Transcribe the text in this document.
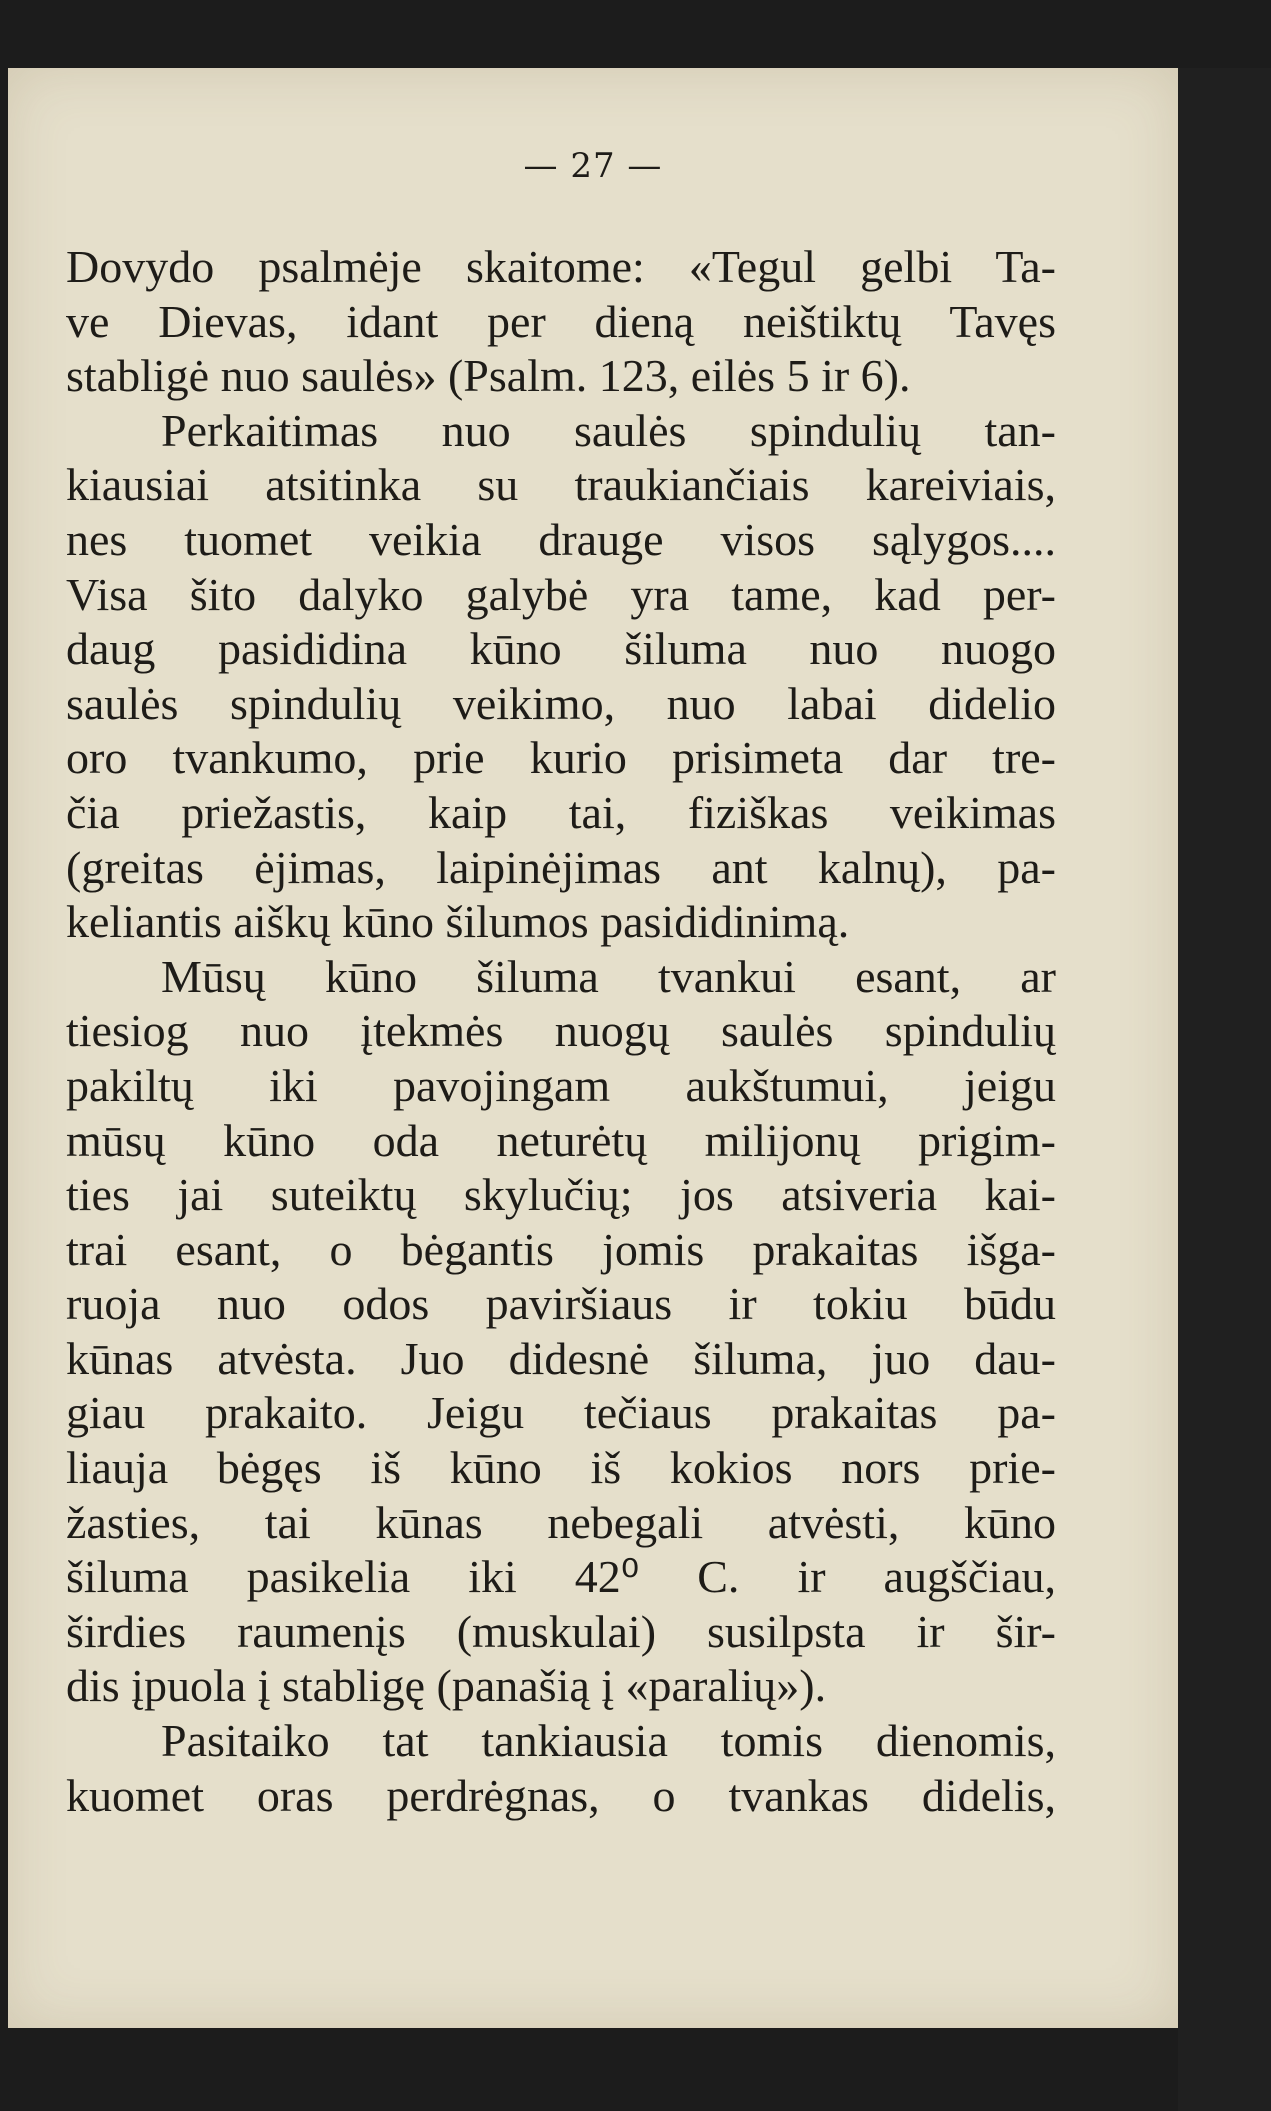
— 27 —
Dovydo psalmėje skaitome: «Tegul gelbi Ta-
ve Dievas, idant per dieną neištiktų Tavęs
stabligė nuo saulės» (Psalm. 123, eilės 5 ir 6).
Perkaitimas nuo saulės spindulių tan-
kiausiai atsitinka su traukiančiais kareiviais,
nes tuomet veikia drauge visos sąlygos....
Visa šito dalyko galybė yra tame, kad per-
daug pasididina kūno šiluma nuo nuogo
saulės spindulių veikimo, nuo labai didelio
oro tvankumo, prie kurio prisimeta dar tre-
čia priežastis, kaip tai, fiziškas veikimas
(greitas ėjimas, laipinėjimas ant kalnų), pa-
keliantis aiškų kūno šilumos pasididinimą.
Mūsų kūno šiluma tvankui esant, ar
tiesiog nuo įtekmės nuogų saulės spindulių
pakiltų iki pavojingam aukštumui, jeigu
mūsų kūno oda neturėtų milijonų prigim-
ties jai suteiktų skylučių; jos atsiveria kai-
trai esant, o bėgantis jomis prakaitas išga-
ruoja nuo odos paviršiaus ir tokiu būdu
kūnas atvėsta. Juo didesnė šiluma, juo dau-
giau prakaito. Jeigu tečiaus prakaitas pa-
liauja bėgęs iš kūno iš kokios nors prie-
žasties, tai kūnas nebegali atvėsti, kūno
šiluma pasikelia iki 42⁰ C. ir augščiau,
širdies raumenįs (muskulai) susilpsta ir šir-
dis įpuola į stabligę (panašią į «paralių»).
Pasitaiko tat tankiausia tomis dienomis,
kuomet oras perdrėgnas, o tvankas didelis,
